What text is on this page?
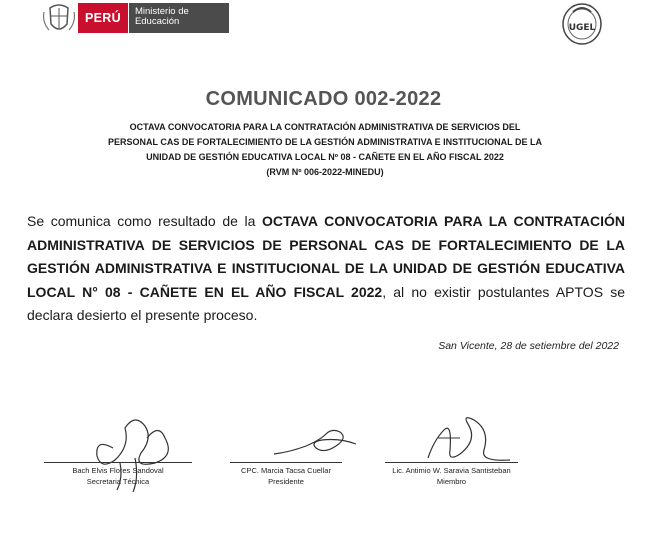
PERÚ	Ministerio de Educación
UGEL
COMUNICADO 002-2022
OCTAVA CONVOCATORIA PARA LA CONTRATACIÓN ADMINISTRATIVA DE SERVICIOS DEL
PERSONAL CAS DE FORTALECIMIENTO DE LA GESTIÓN ADMINISTRATIVA E INSTITUCIONAL DE LA
UNIDAD DE GESTIÓN EDUCATIVA LOCAL Nº 08 - CAÑETE EN EL AÑO FISCAL 2022
(RVM Nº 006-2022-MINEDU)
Se comunica como resultado de la OCTAVA CONVOCATORIA PARA LA CONTRATACIÓN ADMINISTRATIVA DE SERVICIOS DE PERSONAL CAS DE FORTALECIMIENTO DE LA GESTIÓN ADMINISTRATIVA E INSTITUCIONAL DE LA UNIDAD DE GESTIÓN EDUCATIVA LOCAL N° 08 - CAÑETE EN EL AÑO FISCAL 2022, al no existir postulantes APTOS se declara desierto el presente proceso.
San Vicente, 28 de setiembre del 2022
Bach Elvis Flores Sandoval
Secretaria Técnica
CPC. Marcia Tacsa Cuellar
Presidente
Lic. Antimio W. Saravia Santisteban
Miembro
